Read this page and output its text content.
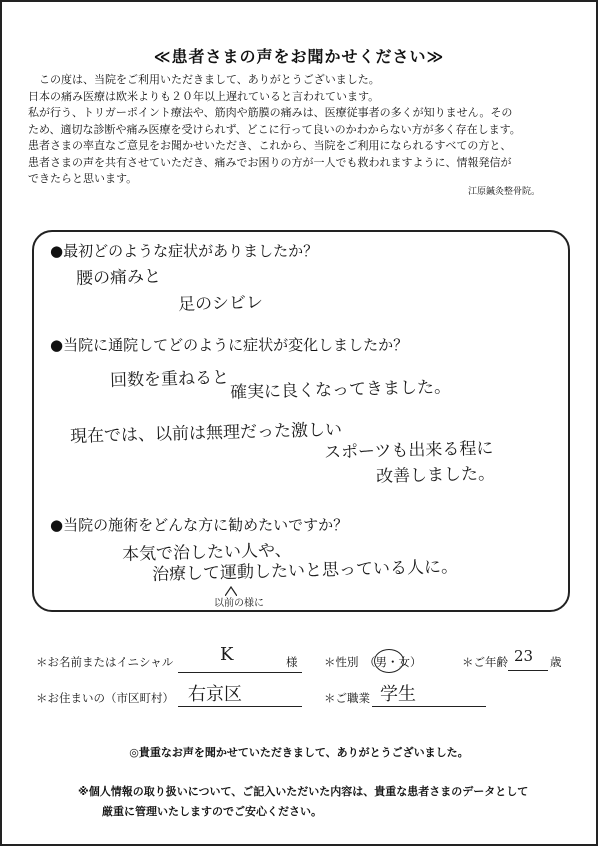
≪患者さまの声をお聞かせください≫

この度は、当院をご利用いただきまして、ありがとうございました。

日本の痛み医療は欧米よりも２０年以上遅れていると言われています。

私が行う、トリガーポイント療法や、筋肉や筋膜の痛みは、医療従事者の多くが知りません。その

ため、適切な診断や痛み医療を受けられず、どこに行って良いのかわからない方が多く存在します。

患者さまの率直なご意見をお聞かせいただき、これから、当院をご利用になられるすべての方と、

患者さまの声を共有させていただき、痛みでお困りの方が一人でも救われますように、情報発信が

できたらと思います。

江原鍼灸整骨院。
●最初どのような症状がありましたか？
腰の痛みと
足のシビレ
●当院に通院してどのように症状が変化しましたか？
回数を重ねると 確実に良くなってきました。
現在では、以前は無理だった激しい
スポーツも出来る程に
改善しました。
●当院の施術をどんな方に勧めたいですか？
本気で治したい人や、
治療して運動したいと思っている人に。
以前の様に
＊お名前またはイニシャル	K	様 ＊性別 （男・女）	＊ご年齢 23 歳
＊お住まいの（市区町村） 右京区	＊ご職業 学生
◎貴重なお声を聞かせていただきまして、ありがとうございました。
※個人情報の取り扱いについて、ご記入いただいた内容は、貴重な患者さまのデータとして
厳重に管理いたしますのでご安心ください。
